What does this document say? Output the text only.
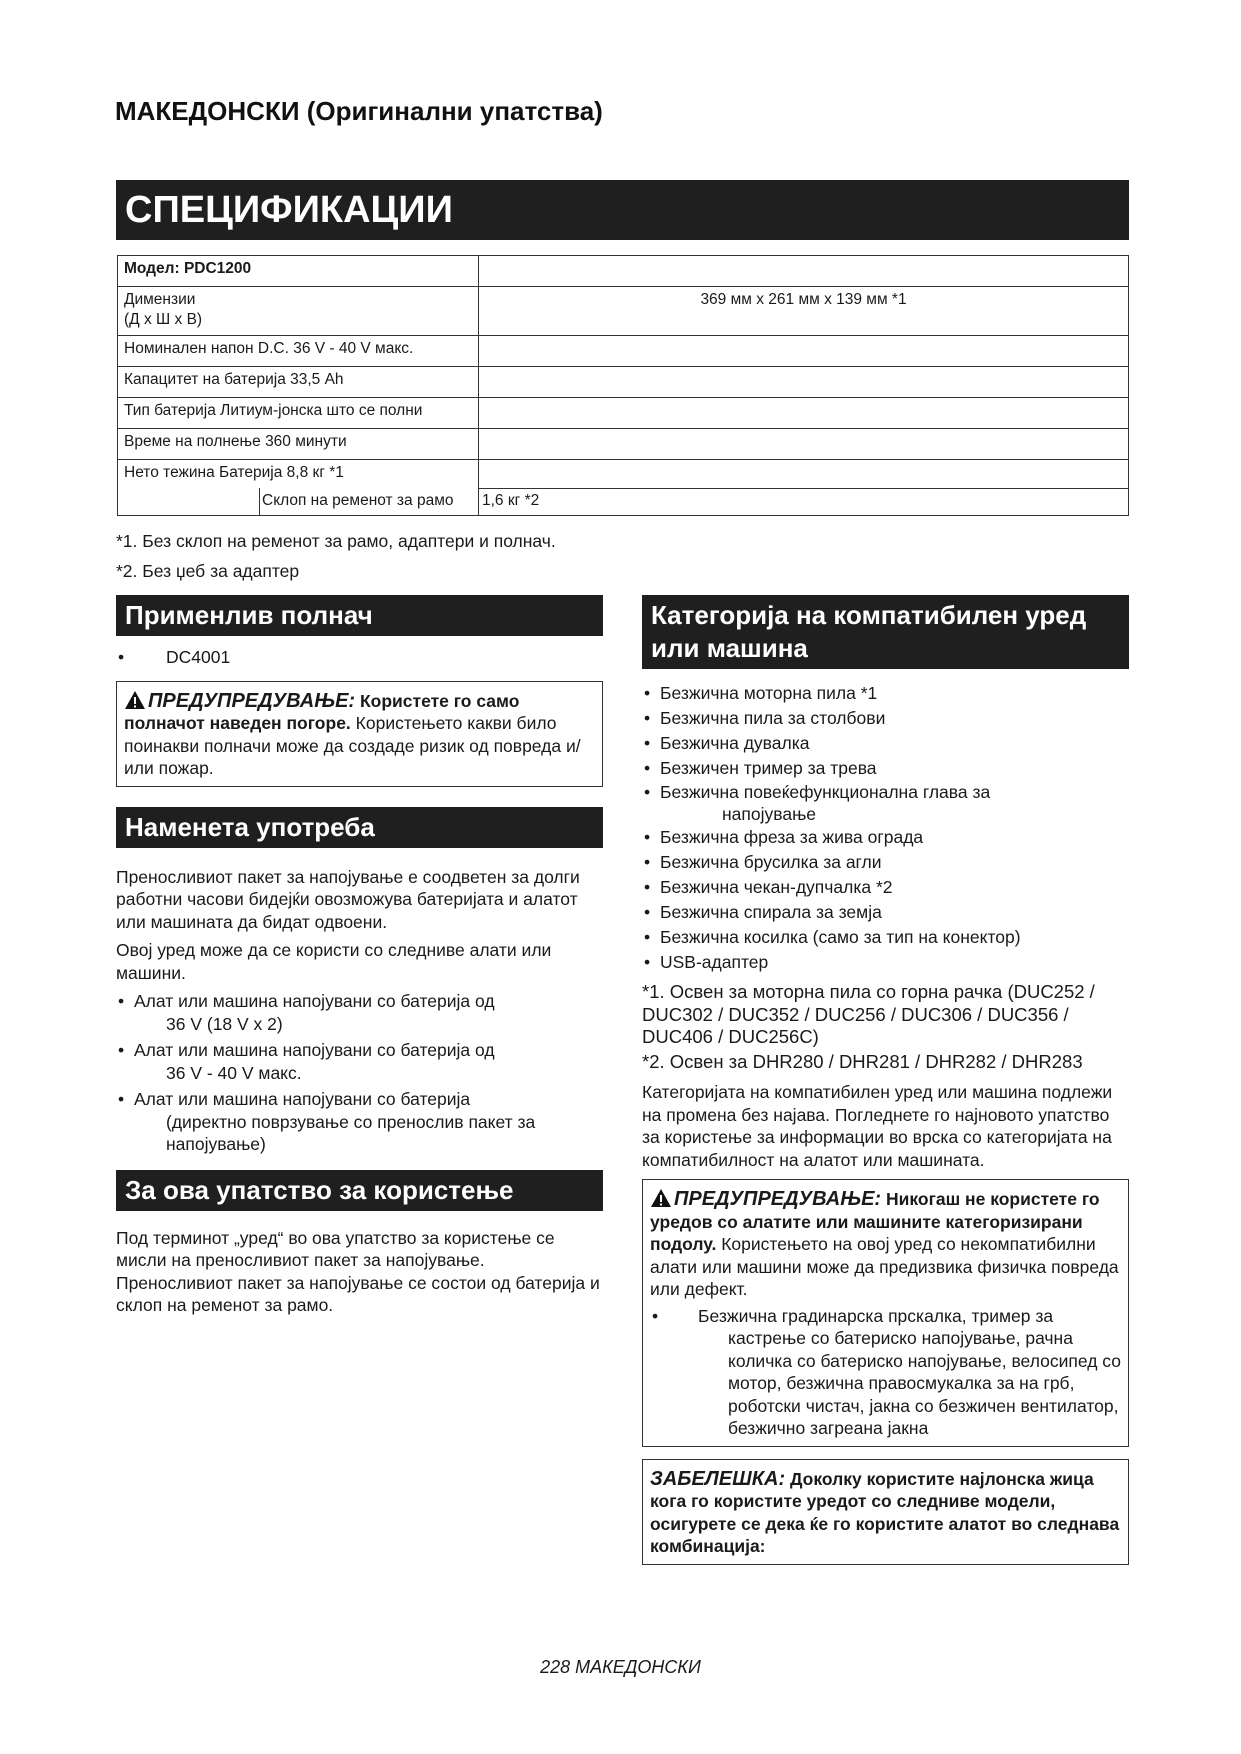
МАКЕДОНСКИ (Оригинални упатства)
СПЕЦИФИКАЦИИ
Модел: PDC1200	
Димензии
(Д x Ш x В)	369 мм x 261 мм x 139 мм *1
Номинален напон D.C. 36 V - 40 V макс.	
Капацитет на батерија 33,5 Ah	
Тип батерија Литиум-јонска што се полни	
Време на полнење 360 минути	

Нето тежина Батерија 8,8 кг *1
Склоп на ременот за рамо	1,6 кг *2
*1. Без склоп на ременот за рамо, адаптери и полнач.
*2. Без џеб за адаптер
Применлив полнач
•	DC4001
ПРЕДУПРЕДУВАЊЕ: Користете го само полначот наведен погоре. Користењето какви било поинакви полначи може да создаде ризик од повреда и/или пожар.
Наменета употреба
Преносливиот пакет за напојување е соодветен за долги работни часови бидејќи овозможува батеријата и алатот или машината да бидат одвоени.
Овој уред може да се користи со следниве алати или машини.
• Алат или машина напојувани со батерија од
36 V (18 V x 2)
• Алат или машина напојувани со батерија од
36 V - 40 V макс.
• Алат или машина напојувани со батерија
(директно поврзување со пренослив пакет за напојување)
За ова упатство за користење
Под терминот „уред“ во ова упатство за користење се мисли на преносливиот пакет за напојување. Преносливиот пакет за напојување се состои од батерија и склоп на ременот за рамо.
Категорија на компатибилен уред или машина
• Безжична моторна пила *1
• Безжична пила за столбови
• Безжична дувалка
• Безжичен тример за трева
• Безжична повеќефункционална глава за
напојување
• Безжична фреза за жива ограда
• Безжична брусилка за агли
• Безжична чекан-дупчалка *2
• Безжична спирала за земја
• Безжична косилка (само за тип на конектор)
• USB-адаптер
*1. Освен за моторна пила со горна рачка (DUC252 / DUC302 / DUC352 / DUC256 / DUC306 / DUC356 / DUC406 / DUC256C)
*2. Освен за DHR280 / DHR281 / DHR282 / DHR283
Категоријата на компатибилен уред или машина подлежи на промена без најава. Погледнете го најновото упатство за користење за информации во врска со категоријата на компатибилност на алатот или машината.
ПРЕДУПРЕДУВАЊЕ: Никогаш не користете го уредов со алатите или машините категоризирани подолу. Користењето на овој уред со некомпатибилни алати или машини може да предизвика физичка повреда или дефект.
• Безжична градинарска прскалка, тример за кастрење со батериско напојување, рачна количка со батериско напојување, велосипед со мотор, безжична правосмукалка за на грб, роботски чистач, јакна со безжичен вентилатор, безжично загреана јакна
ЗАБЕЛЕШКА: Доколку користите најлонска жица кога го користите уредот со следниве модели, осигурете се дека ќе го користите алатот во следнава комбинација:
228 МАКЕДОНСКИ
